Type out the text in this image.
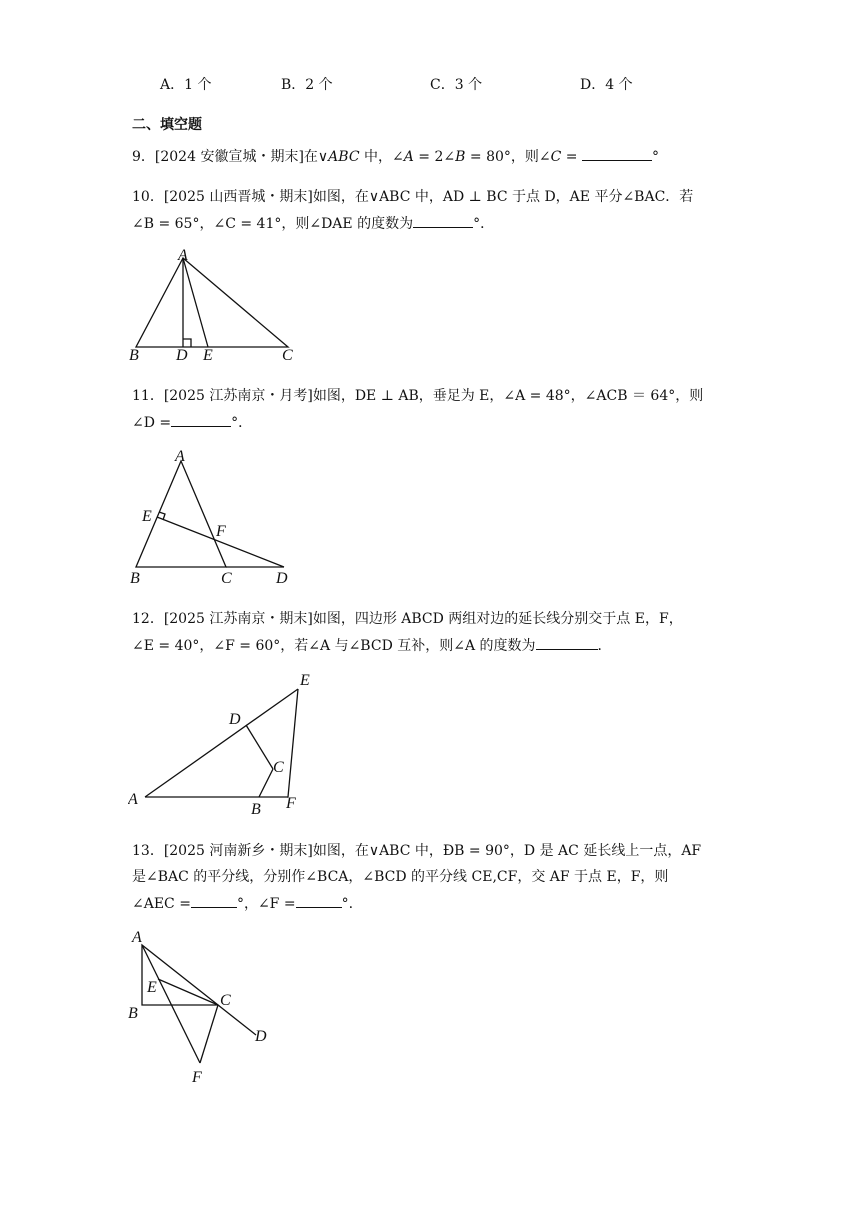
A．1 个	B．2 个	C．3 个	D．4 个
二、填空题
9．[2024 安徽宣城・期末]在∨ABC 中，∠A = 2∠B = 80°，则∠C =	°
10．[2025 山西晋城・期末]如图，在∨ABC 中，AD ⊥ BC 于点 D，AE 平分∠BAC．若
∠B = 65°，∠C = 41°，则∠DAE 的度数为	°．
A
B D E	C
11．[2025 江苏南京・月考]如图，DE ⊥ AB，垂足为 E，∠A = 48°，∠ACB ＝ 64°，则
∠D =	°．
A
E
F
B	C	D
12．[2025 江苏南京・期末]如图，四边形 ABCD 两组对边的延长线分别交于点 E，F，
∠E = 40°，∠F = 60°，若∠A 与∠BCD 互补，则∠A 的度数为	．
A
D
E
C
B F
13．[2025 河南新乡・期末]如图，在∨ABC 中，ÐB = 90°，D 是 AC 延长线上一点，AF
是∠BAC 的平分线，分别作∠BCA，∠BCD 的平分线 CE,CF，交 AF 于点 E，F，则
∠AEC =	°，∠F =	°.
A
E
B
C
D
F
